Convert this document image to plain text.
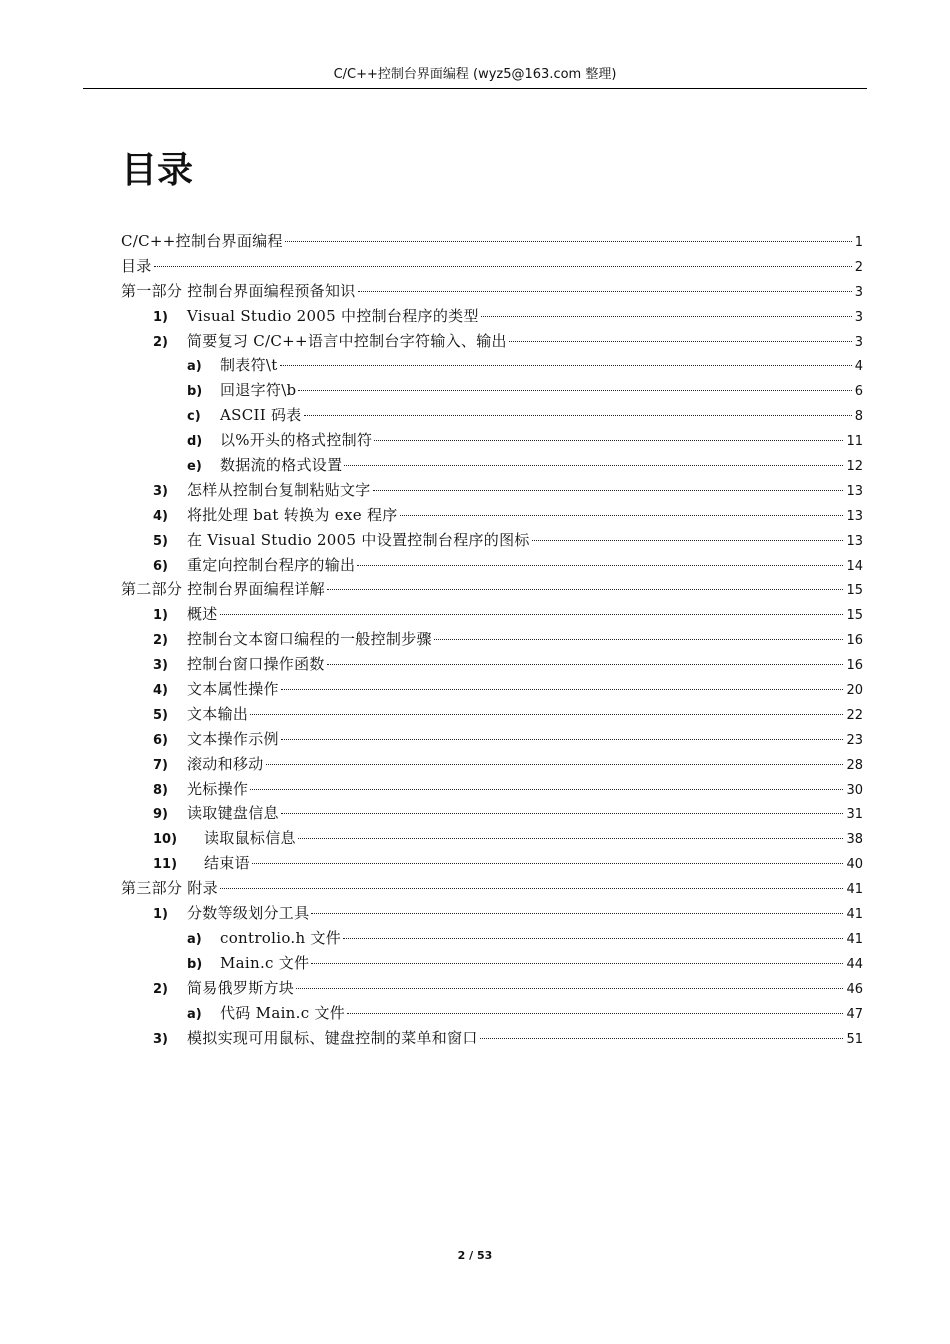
C/C++控制台界面编程 (wyz5@163.com 整理)
目录
C/C++控制台界面编程	1
目录	2
第一部分 控制台界面编程预备知识	3
1)	Visual Studio 2005 中控制台程序的类型	3
2)	简要复习 C/C++语言中控制台字符输入、输出	3
a)	制表符\t	4
b)	回退字符\b	6
c)	ASCII 码表	8
d)	以%开头的格式控制符	11
e)	数据流的格式设置	12
3)	怎样从控制台复制粘贴文字	13
4)	将批处理 bat 转换为 exe 程序	13
5)	在 Visual Studio 2005 中设置控制台程序的图标	13
6)	重定向控制台程序的输出	14
第二部分 控制台界面编程详解	15
1)	概述	15
2)	控制台文本窗口编程的一般控制步骤	16
3)	控制台窗口操作函数	16
4)	文本属性操作	20
5)	文本输出	22
6)	文本操作示例	23
7)	滚动和移动	28
8)	光标操作	30
9)	读取键盘信息	31
10)	读取鼠标信息	38
11)	结束语	40
第三部分 附录	41
1)	分数等级划分工具	41
a)	controlio.h 文件	41
b)	Main.c 文件	44
2)	简易俄罗斯方块	46
a)	代码 Main.c 文件	47
3)	模拟实现可用鼠标、键盘控制的菜单和窗口	51
2 / 53
